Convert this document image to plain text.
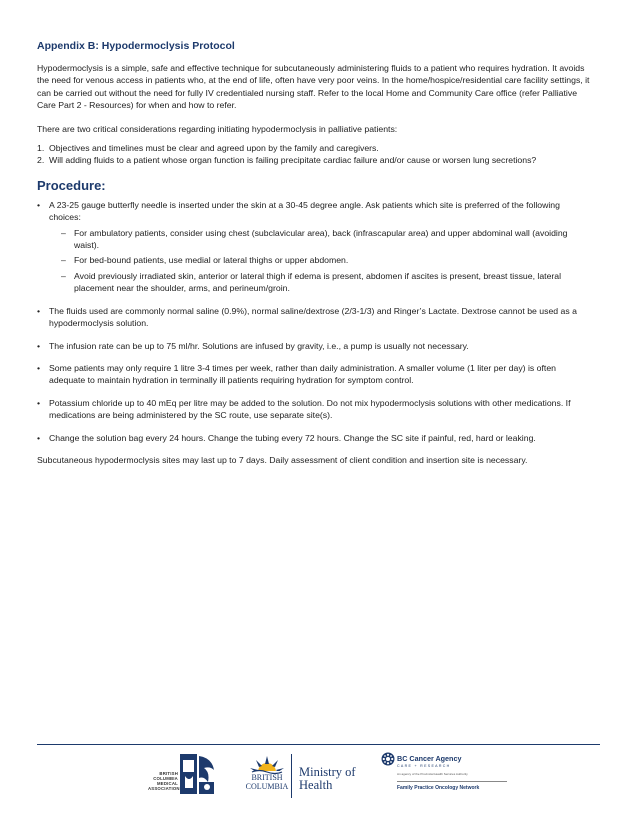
Appendix B: Hypodermoclysis Protocol

Hypodermoclysis is a simple, safe and effective technique for subcutaneously administering fluids to a patient who requires hydration. It avoids the need for venous access in patients who, at the end of life, often have very poor veins. In the home/hospice/residential care facility settings, it can be carried out without the need for fully IV credentialed nursing staff. Refer to the local Home and Community Care office (refer Palliative Care Part 2 - Resources) for when and how to refer.

There are two critical considerations regarding initiating hypodermoclysis in palliative patients:

1. Objectives and timelines must be clear and agreed upon by the family and caregivers.
2. Will adding fluids to a patient whose organ function is failing precipitate cardiac failure and/or cause or worsen lung secretions?
Procedure:
• A 23-25 gauge butterfly needle is inserted under the skin at a 30-45 degree angle. Ask patients which site is preferred of the following choices:
– For ambulatory patients, consider using chest (subclavicular area), back (infrascapular area) and upper abdominal wall (avoiding waist).
– For bed-bound patients, use medial or lateral thighs or upper abdomen.
– Avoid previously irradiated skin, anterior or lateral thigh if edema is present, abdomen if ascites is present, breast tissue, lateral placement near the shoulder, arms, and perineum/groin.
• The fluids used are commonly normal saline (0.9%), normal saline/dextrose (2/3-1/3) and Ringer’s Lactate. Dextrose cannot be used as a hypodermoclysis solution.
• The infusion rate can be up to 75 ml/hr. Solutions are infused by gravity, i.e., a pump is usually not necessary.
• Some patients may only require 1 litre 3-4 times per week, rather than daily administration. A smaller volume (1 liter per day) is often adequate to maintain hydration in terminally ill patients requiring hydration for symptom control.
• Potassium chloride up to 40 mEq per litre may be added to the solution. Do not mix hypodermoclysis solutions with other medications. If medications are being administered by the SC route, use separate site(s).
• Change the solution bag every 24 hours. Change the tubing every 72 hours. Change the SC site if painful, red, hard or leaking.

Subcutaneous hypodermoclysis sites may last up to 7 days. Daily assessment of client condition and insertion site is necessary.

BRITISH
COLUMBIA
MEDICAL
ASSOCIATION
BRITISH
COLUMBIA
Ministry of
Health
BC Cancer Agency
CARE + RESEARCH
An agency of the Provincial Health Services Authority
Family Practice Oncology Network
